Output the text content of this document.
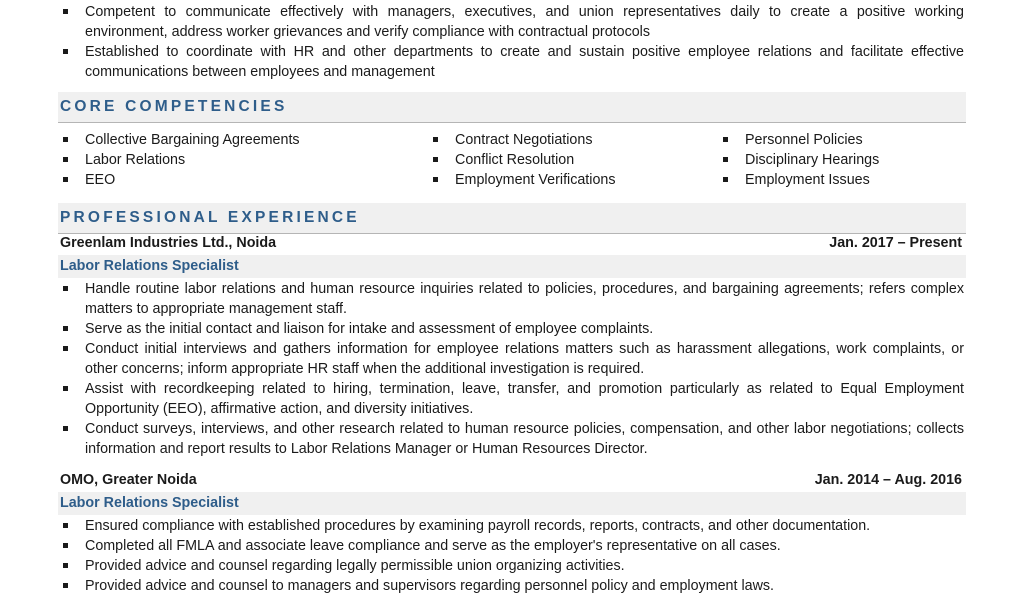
Competent to communicate effectively with managers, executives, and union representatives daily to create a positive working environment, address worker grievances and verify compliance with contractual protocols
Established to coordinate with HR and other departments to create and sustain positive employee relations and facilitate effective communications between employees and management
CORE COMPETENCIES
Collective Bargaining Agreements
Labor Relations
EEO
Contract Negotiations
Conflict Resolution
Employment Verifications
Personnel Policies
Disciplinary Hearings
Employment Issues
PROFESSIONAL EXPERIENCE
Greenlam Industries Ltd., Noida	Jan. 2017 – Present
Labor Relations Specialist
Handle routine labor relations and human resource inquiries related to policies, procedures, and bargaining agreements; refers complex matters to appropriate management staff.
Serve as the initial contact and liaison for intake and assessment of employee complaints.
Conduct initial interviews and gathers information for employee relations matters such as harassment allegations, work complaints, or other concerns; inform appropriate HR staff when the additional investigation is required.
Assist with recordkeeping related to hiring, termination, leave, transfer, and promotion particularly as related to Equal Employment Opportunity (EEO), affirmative action, and diversity initiatives.
Conduct surveys, interviews, and other research related to human resource policies, compensation, and other labor negotiations; collects information and report results to Labor Relations Manager or Human Resources Director.
OMO, Greater Noida	Jan. 2014 – Aug. 2016
Labor Relations Specialist
Ensured compliance with established procedures by examining payroll records, reports, contracts, and other documentation.
Completed all FMLA and associate leave compliance and serve as the employer's representative on all cases.
Provided advice and counsel regarding legally permissible union organizing activities.
Provided advice and counsel to managers and supervisors regarding personnel policy and employment laws.
